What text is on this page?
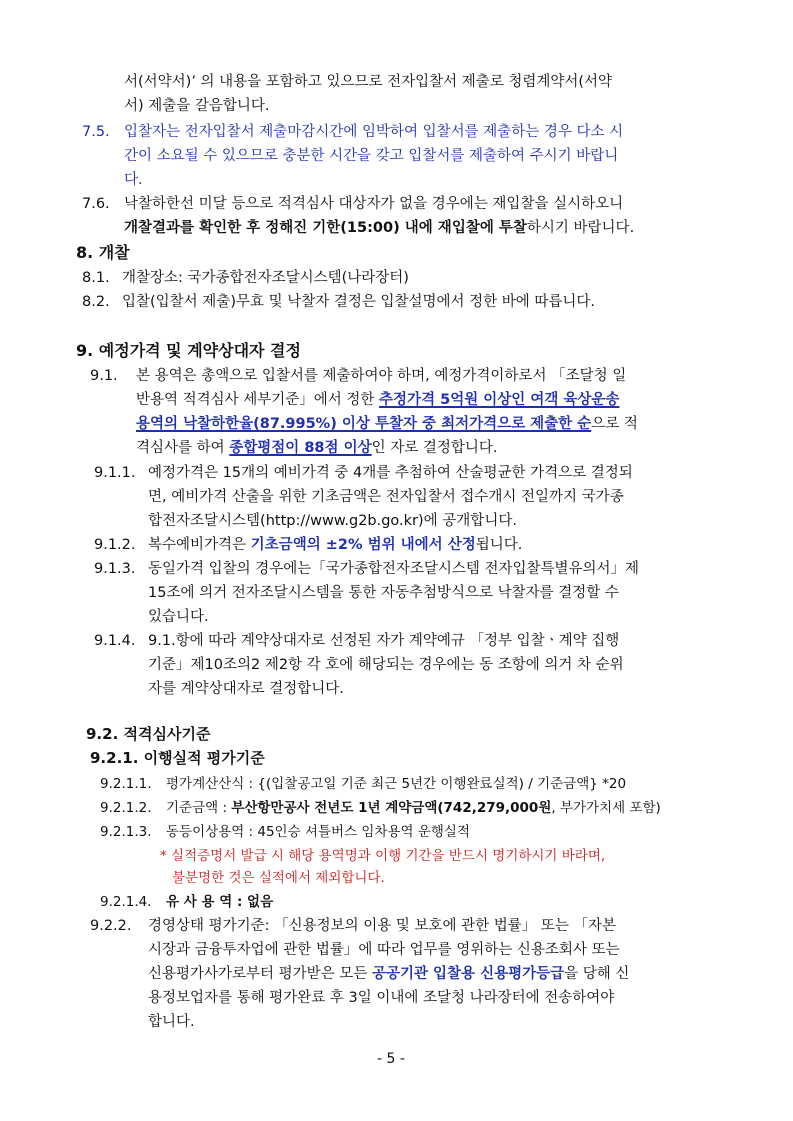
서(서약서)’ 의 내용을 포함하고 있으므로 전자입찰서 제출로 청렴계약서(서약
서) 제출을 갈음합니다.
7.5. 입찰자는 전자입찰서 제출마감시간에 임박하여 입찰서를 제출하는 경우 다소 시
간이 소요될 수 있으므로 충분한 시간을 갖고 입찰서를 제출하여 주시기 바랍니
다.
7.6. 낙찰하한선 미달 등으로 적격심사 대상자가 없을 경우에는 재입찰을 실시하오니
개찰결과를 확인한 후 정해진 기한(15:00) 내에 재입찰에 투찰하시기 바랍니다.
8. 개찰
8.1. 개찰장소: 국가종합전자조달시스템(나라장터)
8.2. 입찰(입찰서 제출)무효 및 낙찰자 결정은 입찰설명에서 정한 바에 따릅니다.
9. 예정가격 및 계약상대자 결정
9.1. 본 용역은 총액으로 입찰서를 제출하여야 하며, 예정가격이하로서 「조달청 일
반용역 적격심사 세부기준」에서 정한 추정가격 5억원 이상인 여객 육상운송
용역의 낙찰하한율(87.995%) 이상 투찰자 중 최저가격으로 제출한 순으로 적
격심사를 하여 종합평점이 88점 이상인 자로 결정합니다.
9.1.1. 예정가격은 15개의 예비가격 중 4개를 추첨하여 산술평균한 가격으로 결정되
면, 예비가격 산출을 위한 기초금액은 전자입찰서 접수개시 전일까지 국가종
합전자조달시스템(http://www.g2b.go.kr)에 공개합니다.
9.1.2. 복수예비가격은 기초금액의 ±2% 범위 내에서 산정됩니다.
9.1.3. 동일가격 입찰의 경우에는「국가종합전자조달시스템 전자입찰특별유의서」제
15조에 의거 전자조달시스템을 통한 자동추첨방식으로 낙찰자를 결정할 수
있습니다.
9.1.4. 9.1.항에 따라 계약상대자로 선정된 자가 계약예규 「정부 입찰ㆍ계약 집행
기준」제10조의2 제2항 각 호에 해당되는 경우에는 동 조항에 의거 차 순위
자를 계약상대자로 결정합니다.
9.2. 적격심사기준
9.2.1. 이행실적 평가기준
9.2.1.1. 평가계산산식 : {(입찰공고일 기준 최근 5년간 이행완료실적) / 기준금액} *20
9.2.1.2. 기준금액 : 부산항만공사 전년도 1년 계약금액(742,279,000원, 부가가치세 포함)
9.2.1.3. 동등이상용역 : 45인승 셔틀버스 임차용역 운행실적
* 실적증명서 발급 시 해당 용역명과 이행 기간을 반드시 명기하시기 바라며,
불분명한 것은 실적에서 제외합니다.
9.2.1.4. 유 사 용 역 : 없음
9.2.2. 경영상태 평가기준: 「신용정보의 이용 및 보호에 관한 법률」 또는 「자본
시장과 금융투자업에 관한 법률」에 따라 업무를 영위하는 신용조회사 또는
신용평가사가로부터 평가받은 모든 공공기관 입찰용 신용평가등급을 당해 신
용정보업자를 통해 평가완료 후 3일 이내에 조달청 나라장터에 전송하여야
합니다.
- 5 -
